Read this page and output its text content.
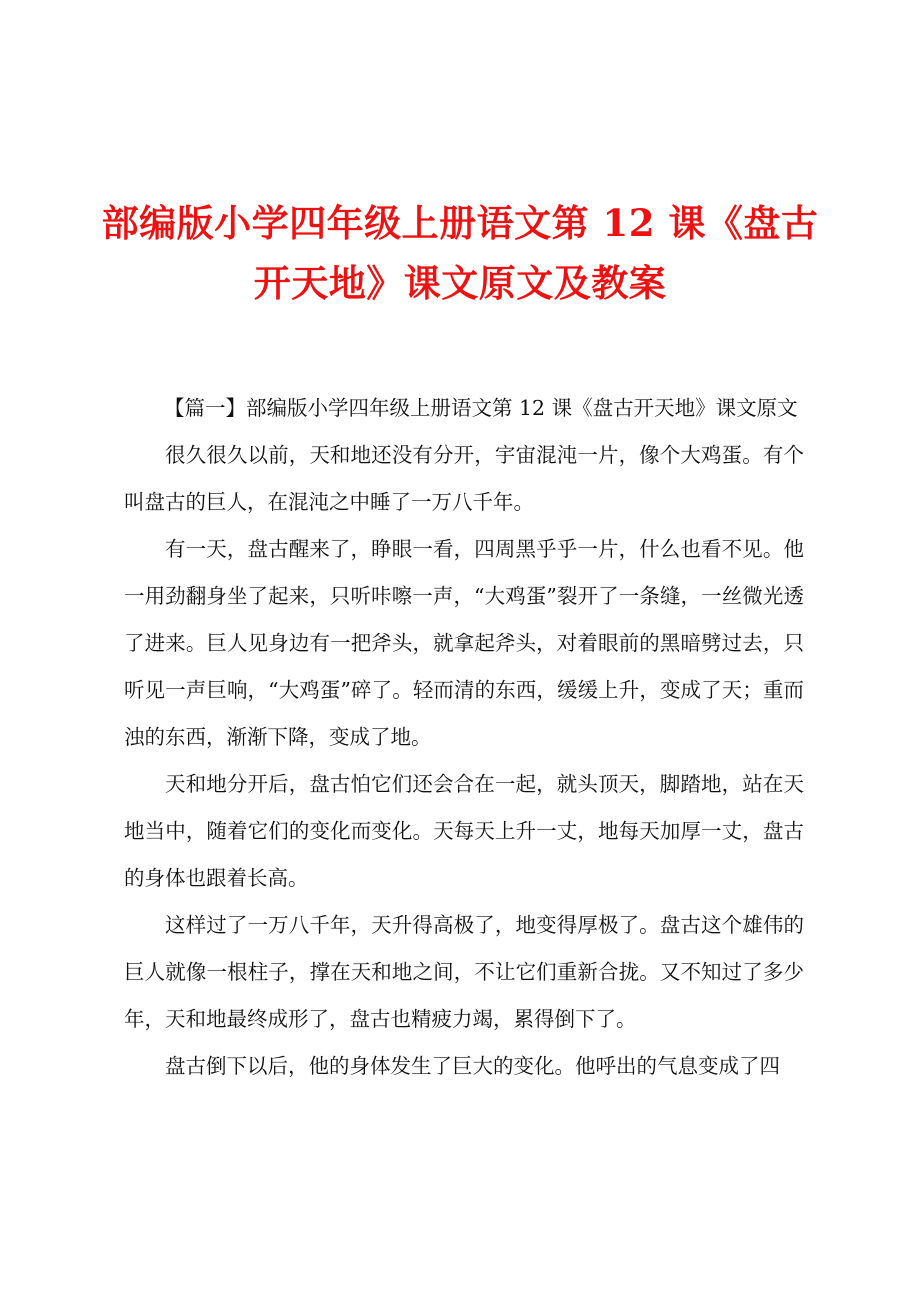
部编版小学四年级上册语文第 12 课《盘古开天地》课文原文及教案

【篇一】部编版小学四年级上册语文第 12 课《盘古开天地》课文原文

很久很久以前，天和地还没有分开，宇宙混沌一片，像个大鸡蛋。有个叫盘古的巨人，在混沌之中睡了一万八千年。

有一天，盘古醒来了，睁眼一看，四周黑乎乎一片，什么也看不见。他一用劲翻身坐了起来，只听咔嚓一声，“大鸡蛋”裂开了一条缝，一丝微光透了进来。巨人见身边有一把斧头，就拿起斧头，对着眼前的黑暗劈过去，只听见一声巨响，“大鸡蛋”碎了。轻而清的东西，缓缓上升，变成了天；重而浊的东西，渐渐下降，变成了地。

天和地分开后，盘古怕它们还会合在一起，就头顶天，脚踏地，站在天地当中，随着它们的变化而变化。天每天上升一丈，地每天加厚一丈，盘古的身体也跟着长高。

这样过了一万八千年，天升得高极了，地变得厚极了。盘古这个雄伟的巨人就像一根柱子，撑在天和地之间，不让它们重新合拢。又不知过了多少年，天和地最终成形了，盘古也精疲力竭，累得倒下了。

盘古倒下以后，他的身体发生了巨大的变化。他呼出的气息变成了四
